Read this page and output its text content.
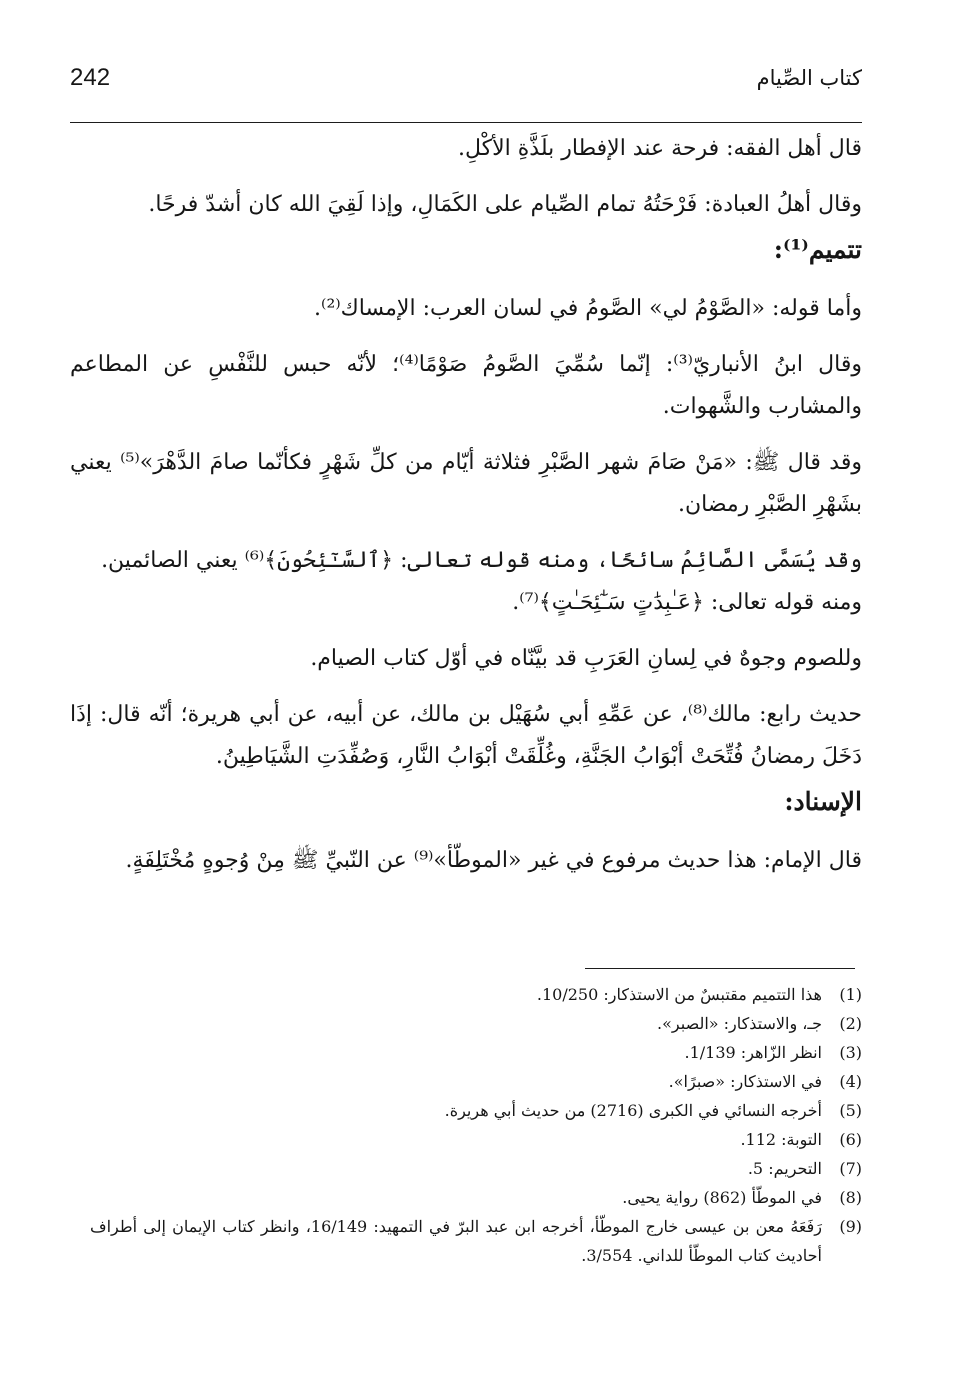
242	كتاب الصِّيام

قال أهل الفقه: فرحة عند الإفطار بلَذَّةِ الأكْلِ.

وقال أهلُ العبادة: فَرْحَتُهُ تمام الصِّيام على الكَمَالِ، وإذا لَقِيَ الله كان أشدّ فرحًا.

تتميم⁽¹⁾:

وأما قوله: «الصَّوْمُ لي» الصَّومُ في لسان العرب: الإمساك⁽²⁾.

وقال ابنُ الأنباريّ⁽³⁾: إنّما سُمِّيَ الصَّومُ صَوْمًا⁽⁴⁾؛ لأنّه حبس للنَّفْسِ عن المطاعم والمشارب والشَّهوات.

وقد قال ﷺ: «مَنْ صَامَ شهر الصَّبْرِ فثلاثة أيّام من كلِّ شَهْرٍ فكأنّما صامَ الدَّهْرَ»⁽⁵⁾ يعني بشَهْرِ الصَّبْرِ رمضان.

وقد يُسَمَّى الصَّائِمُ سائحًا، ومنه قوله تعالى: ﴿ٱلسَّـٰٓئِحُونَ﴾⁽⁶⁾ يعني الصائمين.

ومنه قوله تعالى: ﴿عَـٰبِدَٰتٍ سَـٰٓئِحَـٰتٍ﴾⁽⁷⁾.

وللصوم وجوهٌ في لِسانِ العَرَبِ قد بيَّنّاه في أوّل كتاب الصيام.

حديث رابع: مالك⁽⁸⁾، عن عَمِّهِ أبي سُهَيْل بن مالك، عن أبيه، عن أبي هريرة؛ أنّه قال: إذَا دَخَلَ رمضانُ فُتِّحَتْ أبْوَابُ الجَنَّةِ، وغُلِّقَتْ أبْوَابُ النَّارِ، وَصُفِّدَتِ الشَّيَاطِينُ.

الإسناد:

قال الإمام: هذا حديث مرفوع في غير «الموطّأ»⁽⁹⁾ عن النّبيِّ ﷺ مِنْ وُجوهٍ مُخْتَلِفَةٍ.

(1)
هذا التتميم مقتبسٌ من الاستذكار: 10/250.
(2)
جـ، والاستذكار: «الصبر».
(3)
انظر الزّاهر: 1/139.
(4)
في الاستذكار: «صبرًا».
(5)
أخرجه النسائي في الكبرى (2716) من حديث أبي هريرة.
(6)
التوبة: 112.
(7)
التحريم: 5.
(8)
في الموطّأ (862) رواية يحيى.
(9)
رَفَعَهُ معن بن عيسى خارج الموطّأ، أخرجه ابن عبد البرّ في التمهيد: 16/149، وانظر كتاب الإيمان إلى أطراف أحاديث كتاب الموطّأ للداني. 3/554.
